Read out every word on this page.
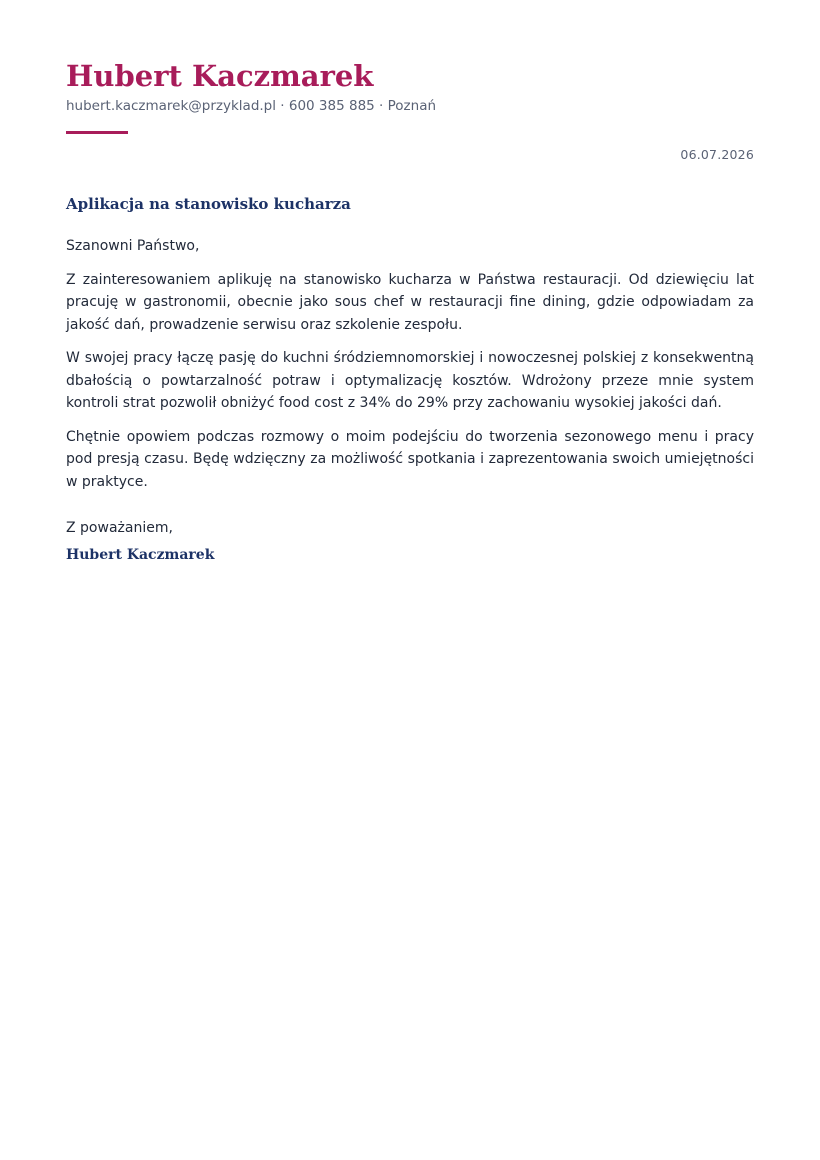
Hubert Kaczmarek
hubert.kaczmarek@przyklad.pl · 600 385 885 · Poznań
06.07.2026
Aplikacja na stanowisko kucharza

Szanowni Państwo,

Z zainteresowaniem aplikuję na stanowisko kucharza w Państwa restauracji. Od dziewięciu lat pracuję w gastronomii, obecnie jako sous chef w restauracji fine dining, gdzie odpowiadam za jakość dań, prowadzenie serwisu oraz szkolenie zespołu.

W swojej pracy łączę pasję do kuchni śródziemnomorskiej i nowoczesnej polskiej z konsekwentną dbałością o powtarzalność potraw i optymalizację kosztów. Wdrożony przeze mnie system kontroli strat pozwolił obniżyć food cost z 34% do 29% przy zachowaniu wysokiej jakości dań.

Chętnie opowiem podczas rozmowy o moim podejściu do tworzenia sezonowego menu i pracy pod presją czasu. Będę wdzięczny za możliwość spotkania i zaprezentowania swoich umiejętności w praktyce.

Z poważaniem,
Hubert Kaczmarek
